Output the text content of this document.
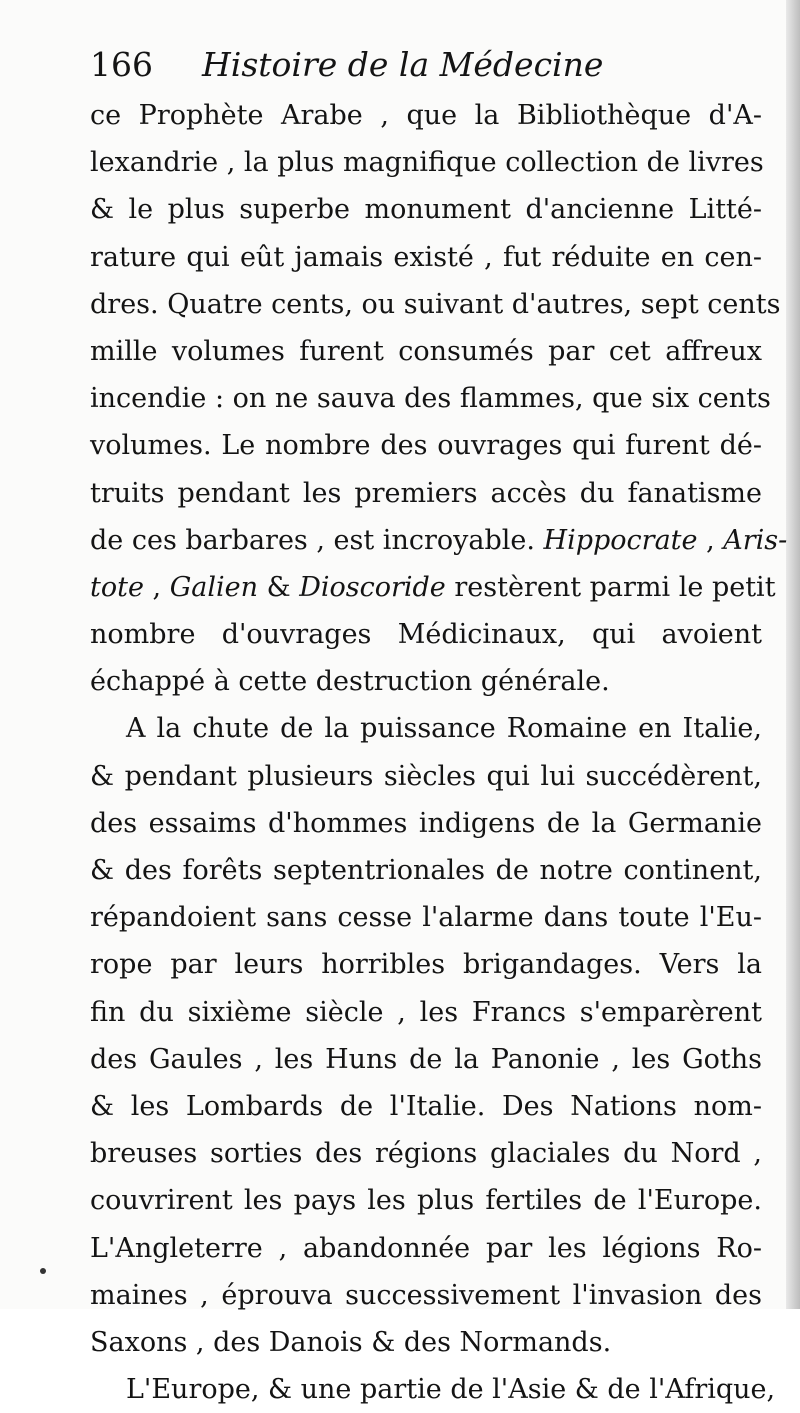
166	Histoire de la Médecine
ce Prophète Arabe , que la Bibliothèque d'A-
lexandrie , la plus magnifique collection de livres
& le plus superbe monument d'ancienne Litté-
rature qui eût jamais existé , fut réduite en cen-
dres. Quatre cents, ou suivant d'autres, sept cents
mille volumes furent consumés par cet affreux
incendie : on ne sauva des flammes, que six cents
volumes. Le nombre des ouvrages qui furent dé-
truits pendant les premiers accès du fanatisme
de ces barbares , est incroyable. Hippocrate , Aris-
tote , Galien & Dioscoride restèrent parmi le petit
nombre d'ouvrages Médicinaux, qui avoient
échappé à cette destruction générale.
A la chute de la puissance Romaine en Italie,
& pendant plusieurs siècles qui lui succédèrent,
des essaims d'hommes indigens de la Germanie
& des forêts septentrionales de notre continent,
répandoient sans cesse l'alarme dans toute l'Eu-
rope par leurs horribles brigandages. Vers la
fin du sixième siècle , les Francs s'emparèrent
des Gaules , les Huns de la Panonie , les Goths
& les Lombards de l'Italie. Des Nations nom-
breuses sorties des régions glaciales du Nord ,
couvrirent les pays les plus fertiles de l'Europe.
L'Angleterre , abandonnée par les légions Ro-
maines , éprouva successivement l'invasion des
Saxons , des Danois & des Normands.
L'Europe, & une partie de l'Asie & de l'Afrique,
